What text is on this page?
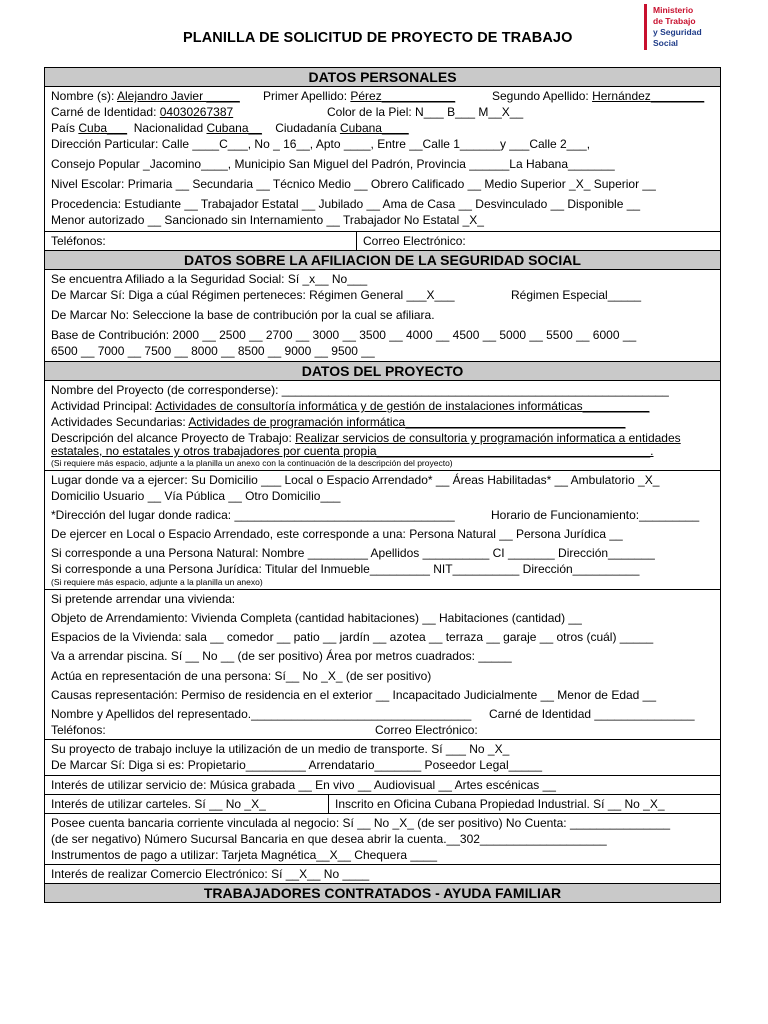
Ministerio
de Trabajo
y Seguridad
Social
PLANILLA DE SOLICITUD DE PROYECTO DE TRABAJO
DATOS PERSONALES
Nombre (s): Alejandro Javier _____ Primer Apellido: Pérez___________	Segundo Apellido: Hernández________
Carné de Identidad: 04030267387	Color de la Piel: N___ B___ M__X__
País Cuba___ Nacionalidad Cubana__ Ciudadanía Cubana____
Dirección Particular: Calle ____C___, No _ 16__, Apto ____, Entre __Calle 1______y ___Calle 2___,
Consejo Popular _Jacomino____, Municipio San Miguel del Padrón, Provincia ______La Habana_______
Nivel Escolar: Primaria __ Secundaria __ Técnico Medio __ Obrero Calificado __ Medio Superior _X_ Superior __
Procedencia: Estudiante __ Trabajador Estatal __ Jubilado __ Ama de Casa __ Desvinculado __ Disponible __
Menor autorizado __ Sancionado sin Internamiento __ Trabajador No Estatal _X_
Teléfonos:	Correo Electrónico:
DATOS SOBRE LA AFILIACION DE LA SEGURIDAD SOCIAL
Se encuentra Afiliado a la Seguridad Social: Sí _x__ No___
De Marcar Sí: Diga a cúal Régimen perteneces: Régimen General ___X___	Régimen Especial_____
De Marcar No: Seleccione la base de contribución por la cual se afiliara.
Base de Contribución: 2000 __ 2500 __ 2700 __ 3000 __ 3500 __ 4000 __ 4500 __ 5000 __ 5500 __ 6000 __
6500 __ 7000 __ 7500 __ 8000 __ 8500 __ 9000 __ 9500 __
DATOS DEL PROYECTO
Nombre del Proyecto (de corresponderse): __________________________________________________________
Actividad Principal: Actividades de consultoría informática y de gestión de instalaciones informáticas__________
Actividades Secundarias: Actividades de programación informática_________________________________
Descripción del alcance Proyecto de Trabajo: Realizar servicios de consultoria y programación informatica a entidades
estatales, no estatales y otros trabajadores por cuenta propia_________________________________________.
(Si requiere más espacio, adjunte a la planilla un anexo con la continuación de la descripción del proyecto)
Lugar donde va a ejercer: Su Domicilio ___ Local o Espacio Arrendado* __ Áreas Habilitadas* __ Ambulatorio _X_
Domicilio Usuario __ Vía Pública __ Otro Domicilio___
*Dirección del lugar donde radica: _________________________________	Horario de Funcionamiento:_________
De ejercer en Local o Espacio Arrendado, este corresponde a una: Persona Natural __ Persona Jurídica __
Si corresponde a una Persona Natural: Nombre _________ Apellidos __________ CI _______ Dirección_______
Si corresponde a una Persona Jurídica: Titular del Inmueble_________ NIT__________ Dirección__________
(Si requiere más espacio, adjunte a la planilla un anexo)
Si pretende arrendar una vivienda:
Objeto de Arrendamiento: Vivienda Completa (cantidad habitaciones) __ Habitaciones (cantidad) __
Espacios de la Vivienda: sala __ comedor __ patio __ jardín __ azotea __ terraza __ garaje __ otros (cuál) _____
Va a arrendar piscina. Sí __ No __ (de ser positivo) Área por metros cuadrados: _____
Actúa en representación de una persona: Sí__ No _X_ (de ser positivo)
Causas representación: Permiso de residencia en el exterior __ Incapacitado Judicialmente __ Menor de Edad __
Nombre y Apellidos del representado._________________________________ Carné de Identidad _______________
Teléfonos:	Correo Electrónico:
Su proyecto de trabajo incluye la utilización de un medio de transporte. Sí ___ No _X_
De Marcar Sí: Diga si es: Propietario_________ Arrendatario_______ Poseedor Legal_____
Interés de utilizar servicio de: Música grabada __ En vivo __ Audiovisual __ Artes escénicas __
Interés de utilizar carteles. Sí __ No _X_	Inscrito en Oficina Cubana Propiedad Industrial. Sí __ No _X_
Posee cuenta bancaria corriente vinculada al negocio: Sí __ No _X_ (de ser positivo) No Cuenta: _______________
(de ser negativo) Número Sucursal Bancaria en que desea abrir la cuenta.__302___________________
Instrumentos de pago a utilizar: Tarjeta Magnética__X__ Chequera ____
Interés de realizar Comercio Electrónico: Sí __X__ No ____
TRABAJADORES CONTRATADOS - AYUDA FAMILIAR
